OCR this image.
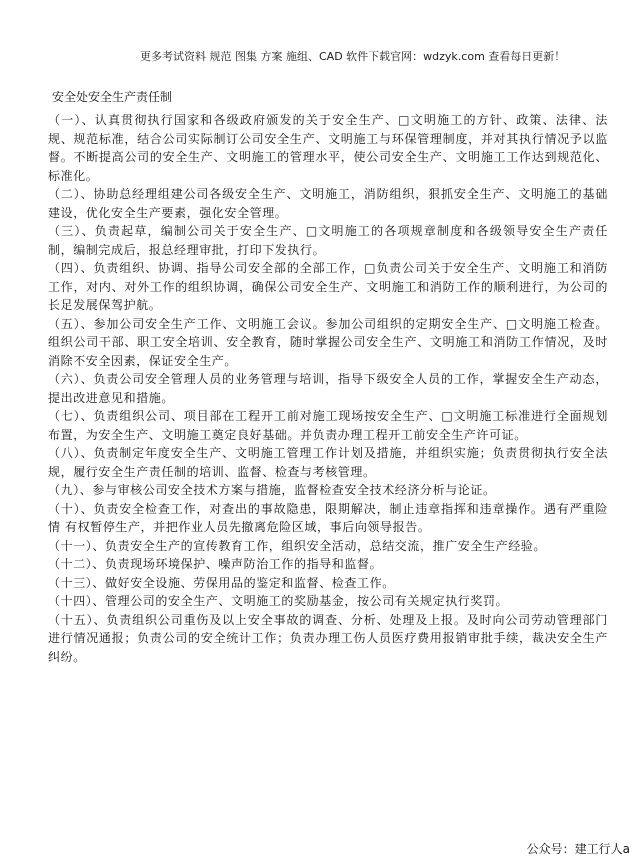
更多考试资料 规范 图集 方案 施组、CAD 软件下载官网：wdzyk.com 查看每日更新！
安全处安全生产责任制

（一）、认真贯彻执行国家和各级政府颁发的关于安全生产、□文明施工的方针、政策、法律、法规、规范标准，结合公司实际制订公司安全生产、文明施工与环保管理制度，并对其执行情况予以监督。不断提高公司的安全生产、文明施工的管理水平，使公司安全生产、文明施工工作达到规范化、标准化。

（二）、协助总经理组建公司各级安全生产、文明施工，消防组织，狠抓安全生产、文明施工的基础建设，优化安全生产要素，强化安全管理。

（三）、负责起草，编制公司关于安全生产、□文明施工的各项规章制度和各级领导安全生产责任制，编制完成后，报总经理审批，打印下发执行。

（四）、负责组织、协调、指导公司安全部的全部工作，□负责公司关于安全生产、文明施工和消防工作，对内、对外工作的组织协调，确保公司安全生产、文明施工和消防工作的顺利进行，为公司的长足发展保驾护航。

（五）、参加公司安全生产工作、文明施工会议。参加公司组织的定期安全生产、□文明施工检查。组织公司干部、职工安全培训、安全教育，随时掌握公司安全生产、文明施工和消防工作情况，及时消除不安全因素，保证安全生产。

（六）、负责公司安全管理人员的业务管理与培训，指导下级安全人员的工作，掌握安全生产动态，提出改进意见和措施。

（七）、负责组织公司、项目部在工程开工前对施工现场按安全生产、□文明施工标准进行全面规划布置，为安全生产、文明施工奠定良好基础。并负责办理工程开工前安全生产许可证。

（八）、负责制定年度安全生产、文明施工管理工作计划及措施，并组织实施；负责贯彻执行安全法规，履行安全生产责任制的培训、监督、检查与考核管理。

（九）、参与审核公司安全技术方案与措施，监督检查安全技术经济分析与论证。

（十）、负责安全检查工作，对查出的事故隐患，限期解决，制止违章指挥和违章操作。遇有严重险情 有权暂停生产，并把作业人员先撤离危险区域，事后向领导报告。

（十一）、负责安全生产的宣传教育工作，组织安全活动，总结交流，推广安全生产经验。

（十二）、负责现场环境保护、噪声防治工作的指导和监督。

（十三）、做好安全设施、劳保用品的鉴定和监督、检查工作。

（十四）、管理公司的安全生产、文明施工的奖励基金，按公司有关规定执行奖罚。

（十五）、负责组织公司重伤及以上安全事故的调查、分析、处理及上报。及时向公司劳动管理部门进行情况通报；负责公司的安全统计工作；负责办理工伤人员医疗费用报销审批手续，裁决安全生产纠纷。

公众号：建工行人a
